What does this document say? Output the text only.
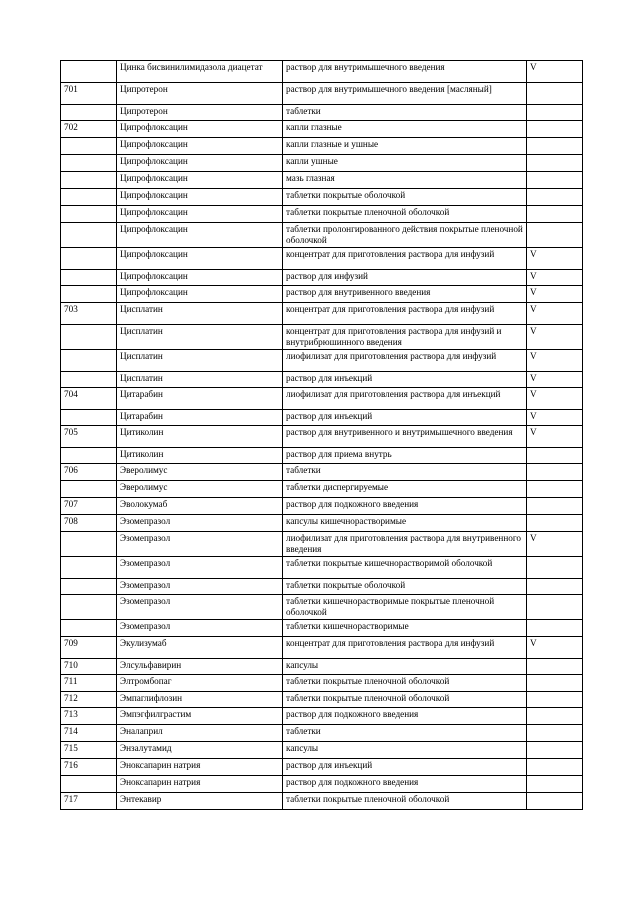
	Цинка бисвинилимидазола диацетат	раствор для внутримышечного введения	V
701	Ципротерон	раствор для внутримышечного введения [масляный]	
	Ципротерон	таблетки	
702	Ципрофлоксацин	капли глазные	
	Ципрофлоксацин	капли глазные и ушные	
	Ципрофлоксацин	капли ушные	
	Ципрофлоксацин	мазь глазная	
	Ципрофлоксацин	таблетки покрытые оболочкой	
	Ципрофлоксацин	таблетки покрытые пленочной оболочкой	
	Ципрофлоксацин	таблетки пролонгированного действия покрытые пленочной оболочкой	
	Ципрофлоксацин	концентрат для приготовления раствора для инфузий	V
	Ципрофлоксацин	раствор для инфузий	V
	Ципрофлоксацин	раствор для внутривенного введения	V
703	Цисплатин	концентрат для приготовления раствора для инфузий	V
	Цисплатин	концентрат для приготовления раствора для инфузий и внутрибрюшинного введения	V
	Цисплатин	лиофилизат для приготовления раствора для инфузий	V
	Цисплатин	раствор для инъекций	V
704	Цитарабин	лиофилизат для приготовления раствора для инъекций	V
	Цитарабин	раствор для инъекций	V
705	Цитиколин	раствор для внутривенного и внутримышечного введения	V
	Цитиколин	раствор для приема внутрь	
706	Эверолимус	таблетки	
	Эверолимус	таблетки диспергируемые	
707	Эволокумаб	раствор для подкожного введения	
708	Эзомепразол	капсулы кишечнорастворимые	
	Эзомепразол	лиофилизат для приготовления раствора для внутривенного введения	V
	Эзомепразол	таблетки покрытые кишечнорастворимой оболочкой	
	Эзомепразол	таблетки покрытые оболочкой	
	Эзомепразол	таблетки кишечнорастворимые покрытые пленочной оболочкой	
	Эзомепразол	таблетки кишечнорастворимые	
709	Экулизумаб	концентрат для приготовления раствора для инфузий	V
710	Элсульфавирин	капсулы	
711	Элтромбопаг	таблетки покрытые пленочной оболочкой	
712	Эмпаглифлозин	таблетки покрытые пленочной оболочкой	
713	Эмпэгфилграстим	раствор для подкожного введения	
714	Эналаприл	таблетки	
715	Энзалутамид	капсулы	
716	Эноксапарин натрия	раствор для инъекций	
	Эноксапарин натрия	раствор для подкожного введения	
717	Энтекавир	таблетки покрытые пленочной оболочкой	
